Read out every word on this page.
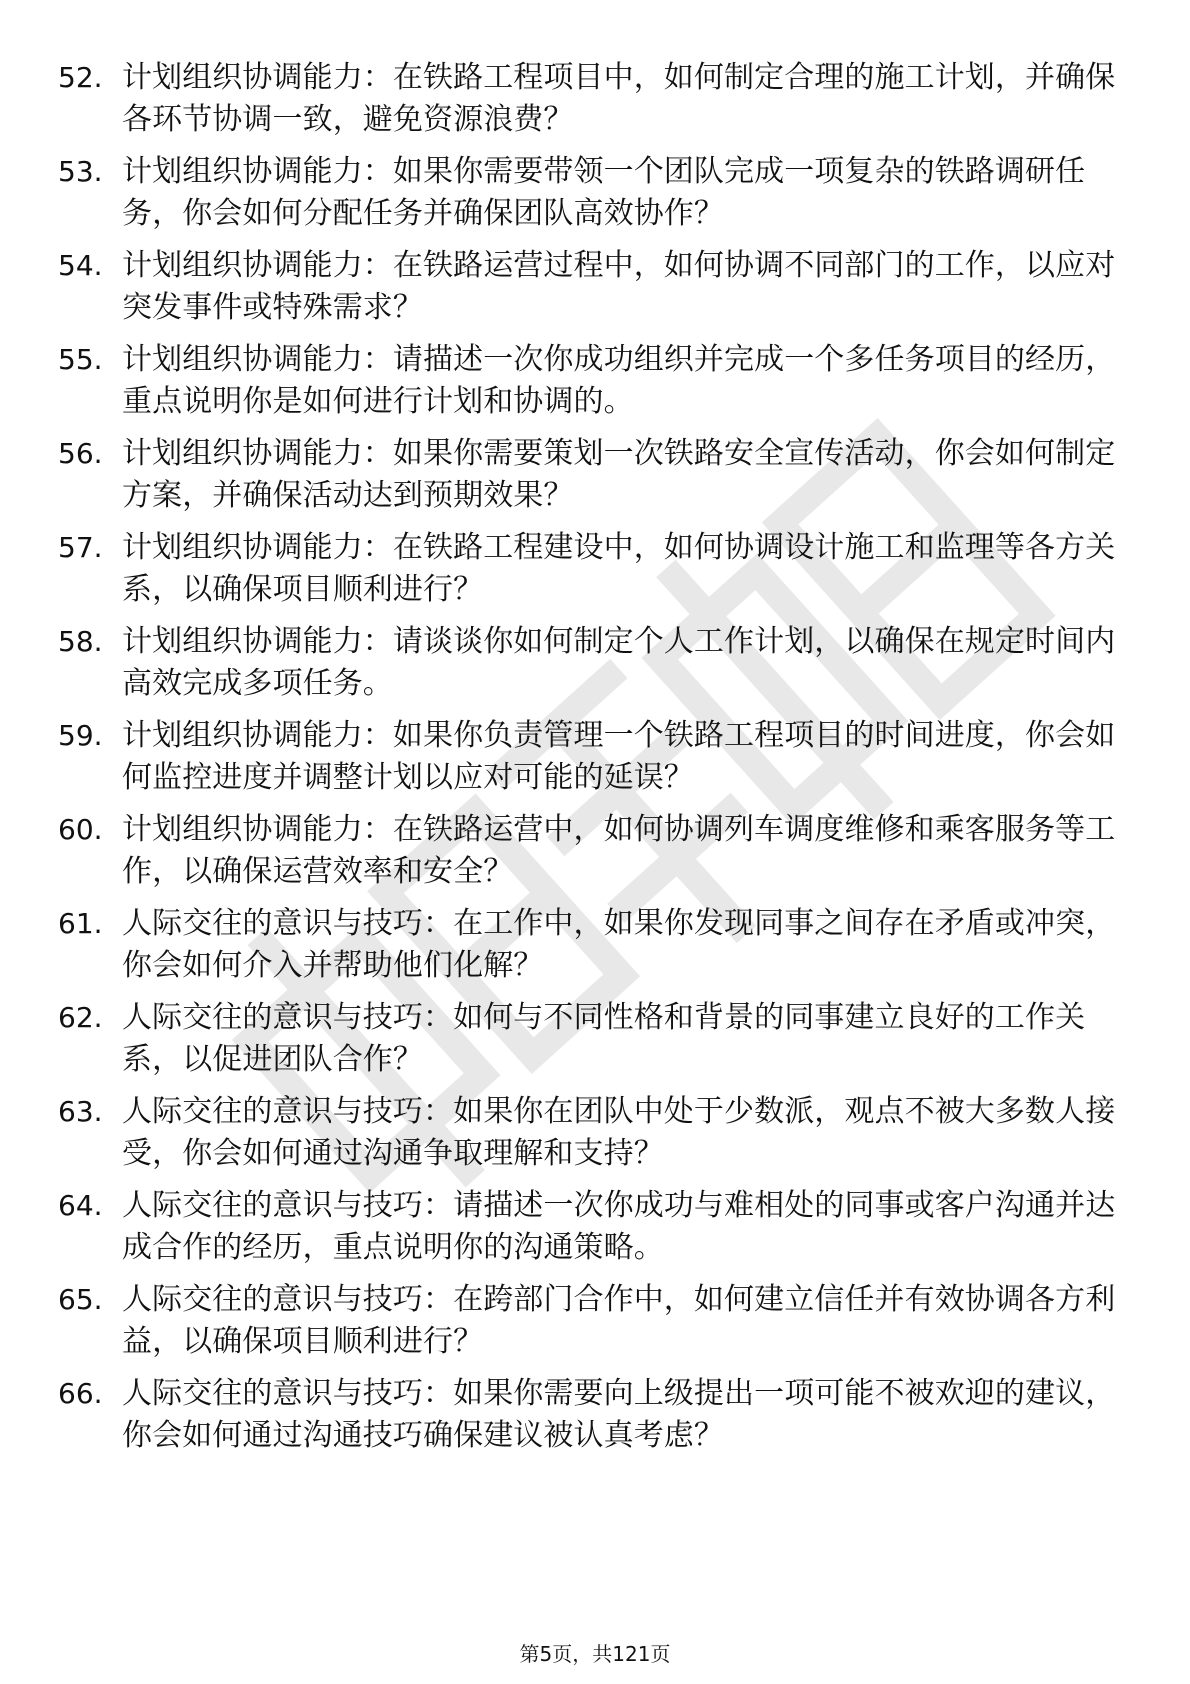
52. 计划组织协调能力：在铁路工程项目中，如何制定合理的施工计划，并确保各环节协调一致，避免资源浪费？
53. 计划组织协调能力：如果你需要带领一个团队完成一项复杂的铁路调研任务，你会如何分配任务并确保团队高效协作？
54. 计划组织协调能力：在铁路运营过程中，如何协调不同部门的工作，以应对突发事件或特殊需求？
55. 计划组织协调能力：请描述一次你成功组织并完成一个多任务项目的经历，重点说明你是如何进行计划和协调的。
56. 计划组织协调能力：如果你需要策划一次铁路安全宣传活动，你会如何制定方案，并确保活动达到预期效果？
57. 计划组织协调能力：在铁路工程建设中，如何协调设计施工和监理等各方关系，以确保项目顺利进行？
58. 计划组织协调能力：请谈谈你如何制定个人工作计划，以确保在规定时间内高效完成多项任务。
59. 计划组织协调能力：如果你负责管理一个铁路工程项目的时间进度，你会如何监控进度并调整计划以应对可能的延误？
60. 计划组织协调能力：在铁路运营中，如何协调列车调度维修和乘客服务等工作，以确保运营效率和安全？
61. 人际交往的意识与技巧：在工作中，如果你发现同事之间存在矛盾或冲突，你会如何介入并帮助他们化解？
62. 人际交往的意识与技巧：如何与不同性格和背景的同事建立良好的工作关系，以促进团队合作？
63. 人际交往的意识与技巧：如果你在团队中处于少数派，观点不被大多数人接受，你会如何通过沟通争取理解和支持？
64. 人际交往的意识与技巧：请描述一次你成功与难相处的同事或客户沟通并达成合作的经历，重点说明你的沟通策略。
65. 人际交往的意识与技巧：在跨部门合作中，如何建立信任并有效协调各方利益，以确保项目顺利进行？
66. 人际交往的意识与技巧：如果你需要向上级提出一项可能不被欢迎的建议，你会如何通过沟通技巧确保建议被认真考虑？
第5页，共121页
